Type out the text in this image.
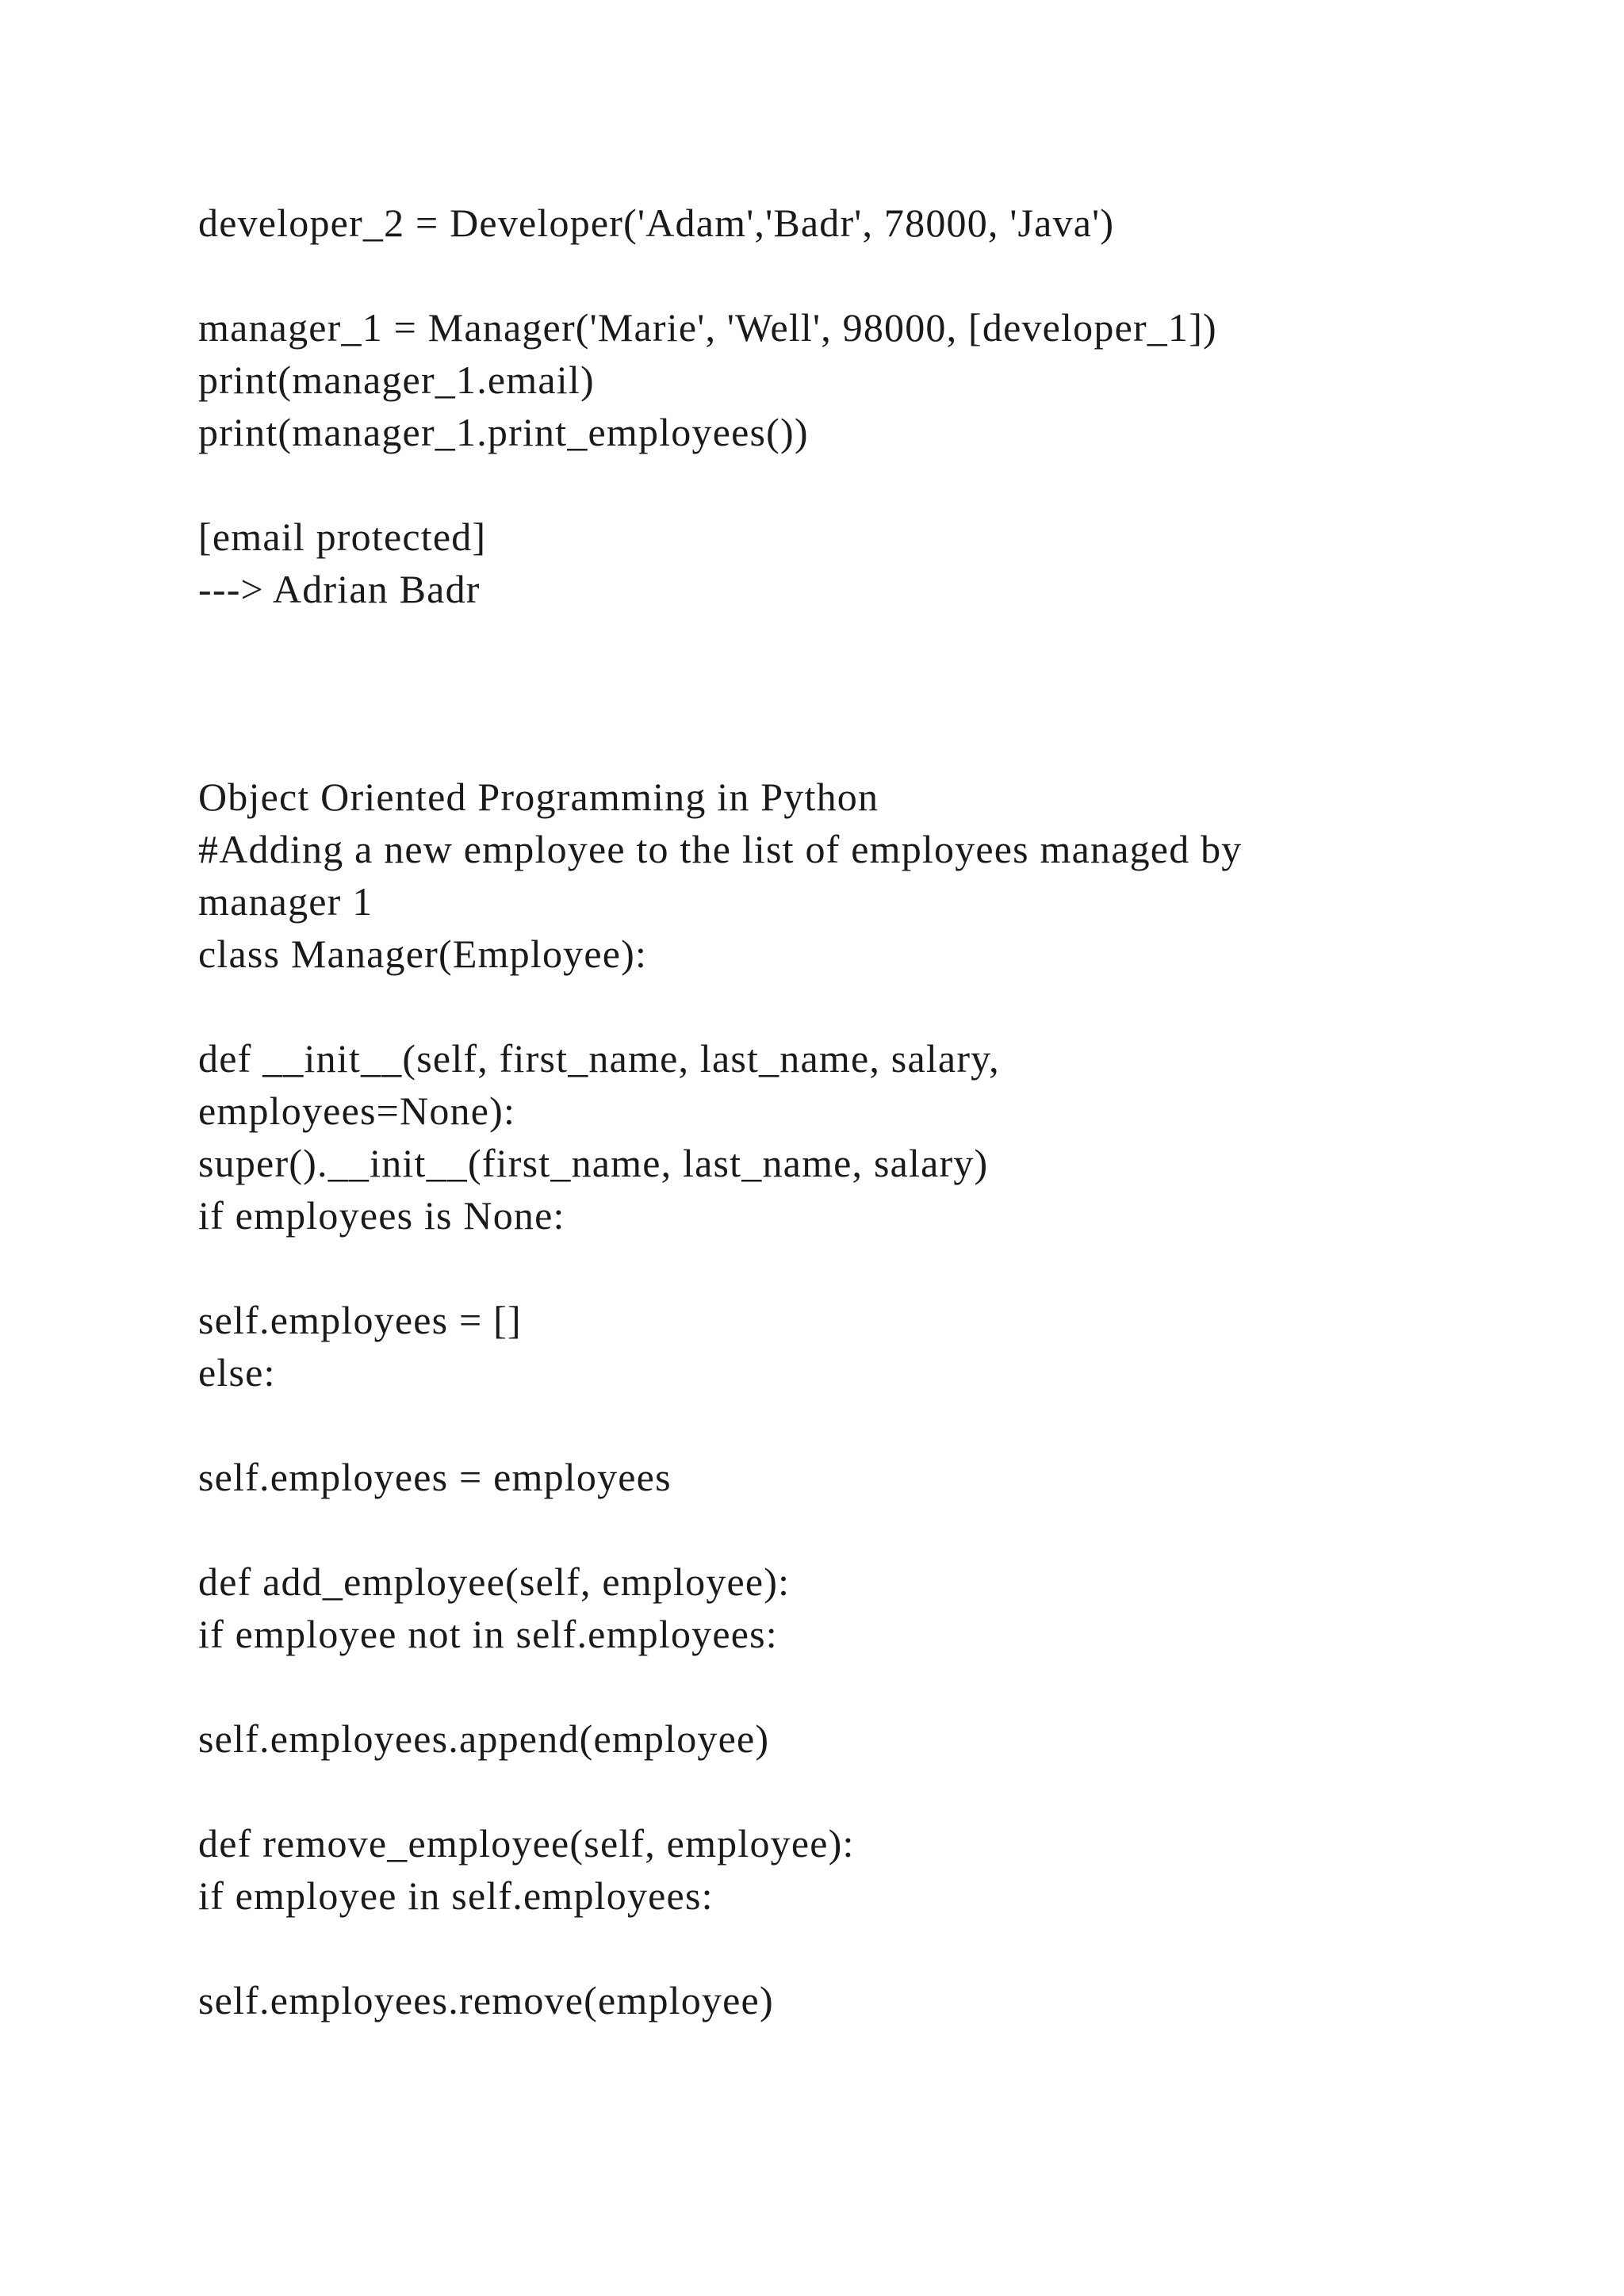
developer_2 = Developer('Adam','Badr', 78000, 'Java')

manager_1 = Manager('Marie', 'Well', 98000, [developer_1])

print(manager_1.email)

print(manager_1.print_employees())

[email protected]

---> Adrian Badr

Object Oriented Programming in Python

#Adding a new employee to the list of employees managed by

manager 1

class Manager(Employee):

def __init__(self, first_name, last_name, salary,

employees=None):

super().__init__(first_name, last_name, salary)

if employees is None:

self.employees = []

else:

self.employees = employees

def add_employee(self, employee):

if employee not in self.employees:

self.employees.append(employee)

def remove_employee(self, employee):

if employee in self.employees:

self.employees.remove(employee)
